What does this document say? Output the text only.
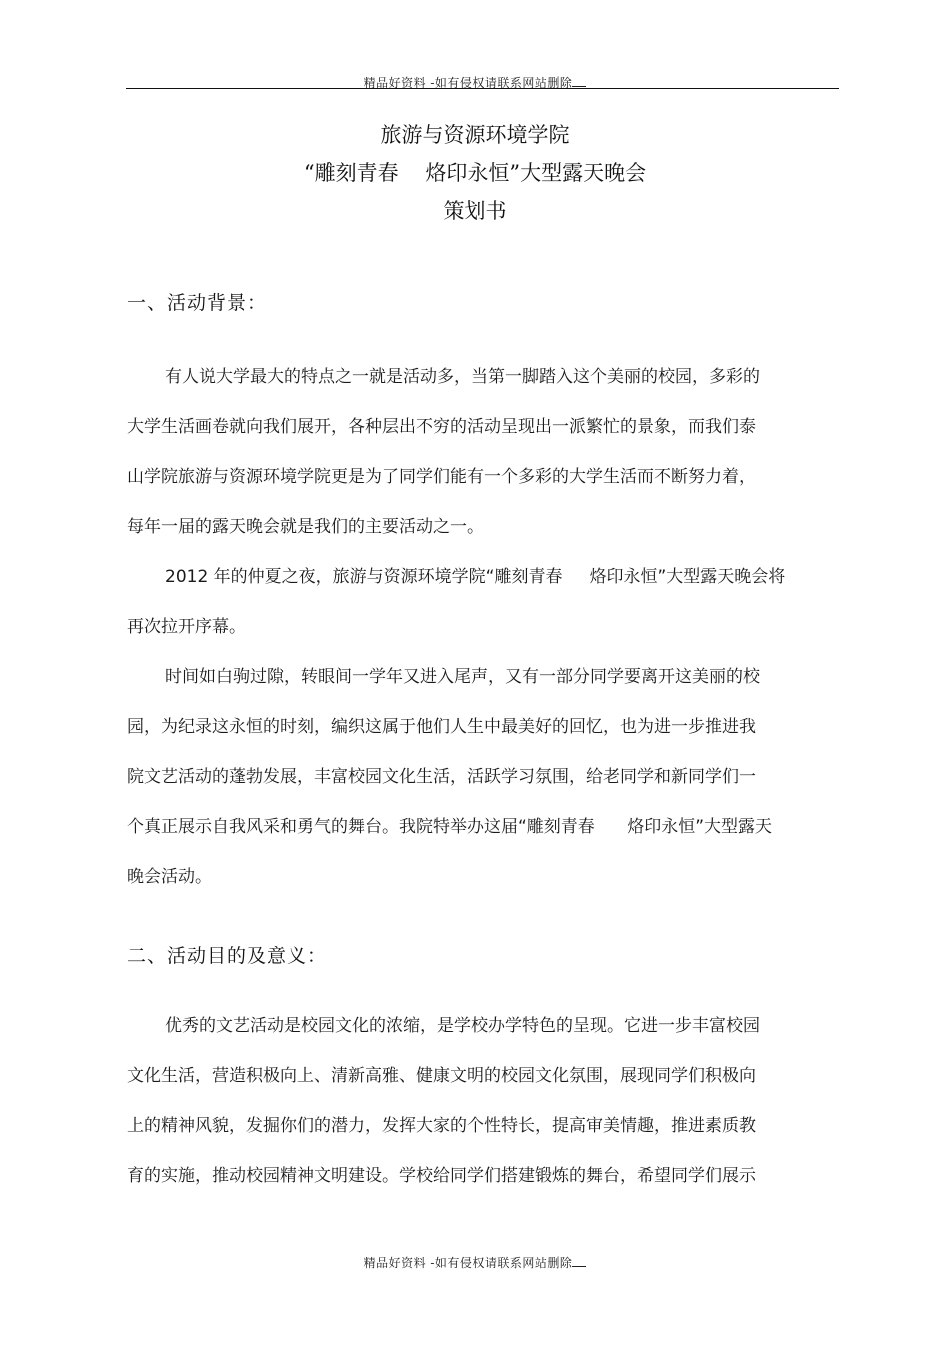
精品好资料 -如有侵权请联系网站删除
旅游与资源环境学院
“雕刻青春    烙印永恒”大型露天晚会
策划书
一、活动背景：
有人说大学最大的特点之一就是活动多，当第一脚踏入这个美丽的校园，多彩的
大学生活画卷就向我们展开，各种层出不穷的活动呈现出一派繁忙的景象，而我们泰
山学院旅游与资源环境学院更是为了同学们能有一个多彩的大学生活而不断努力着，
每年一届的露天晚会就是我们的主要活动之一。
2012 年的仲夏之夜，旅游与资源环境学院“雕刻青春     烙印永恒”大型露天晚会将
再次拉开序幕。
时间如白驹过隙，转眼间一学年又进入尾声，又有一部分同学要离开这美丽的校
园，为纪录这永恒的时刻，编织这属于他们人生中最美好的回忆，也为进一步推进我
院文艺活动的蓬勃发展，丰富校园文化生活，活跃学习氛围，给老同学和新同学们一
个真正展示自我风采和勇气的舞台。我院特举办这届“雕刻青春      烙印永恒”大型露天
晚会活动。
二、活动目的及意义：
优秀的文艺活动是校园文化的浓缩，是学校办学特色的呈现。它进一步丰富校园
文化生活，营造积极向上、清新高雅、健康文明的校园文化氛围，展现同学们积极向
上的精神风貌，发掘你们的潜力，发挥大家的个性特长，提高审美情趣，推进素质教
育的实施，推动校园精神文明建设。学校给同学们搭建锻炼的舞台，希望同学们展示
精品好资料 -如有侵权请联系网站删除
